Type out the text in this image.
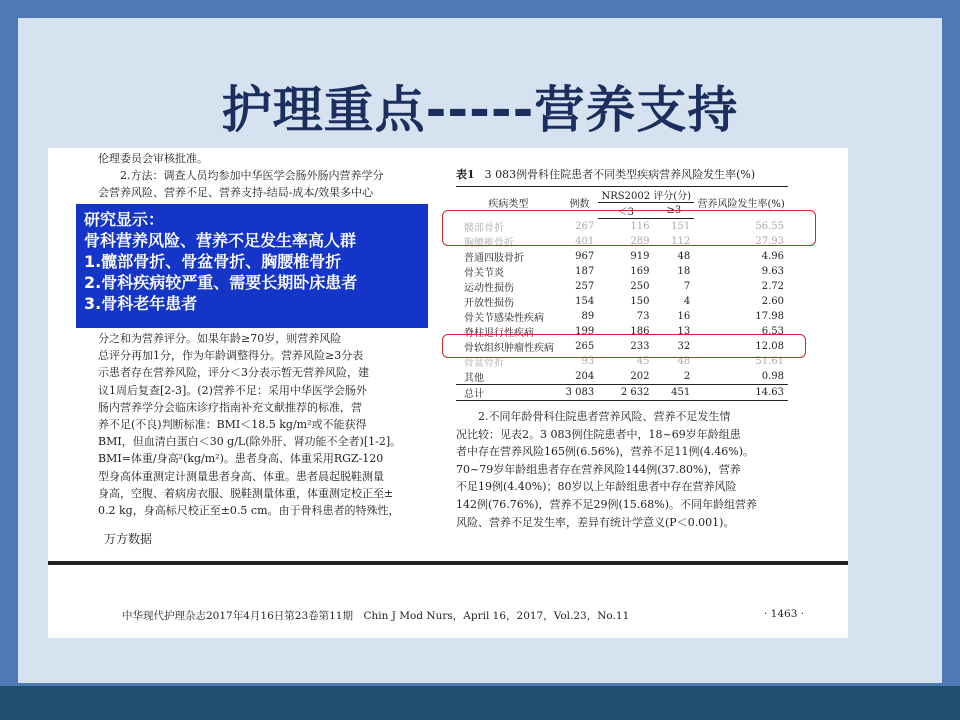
护理重点-----营养支持

伦理委员会审核批准。

2.方法：调查人员均参加中华医学会肠外肠内营养学分

会营养风险、营养不足、营养支持-结局-成本/效果多中心

分之和为营养评分。如果年龄≥70岁，则营养风险

总评分再加1分，作为年龄调整得分。营养风险≥3分表

示患者存在营养风险，评分＜3分表示暂无营养风险，建

议1周后复查[2-3]。(2)营养不足：采用中华医学会肠外

肠内营养学分会临床诊疗指南补充文献推荐的标准，营

养不足(不良)判断标准：BMI＜18.5 kg/m²或不能获得

BMI，但血清白蛋白＜30 g/L(除外肝、肾功能不全者)[1-2]。

BMI=体重/身高²(kg/m²)。患者身高、体重采用RGZ-120

型身高体重测定计测量患者身高、体重。患者晨起脱鞋测量

身高，空腹、着病房衣服、脱鞋测量体重，体重测定校正至±

0.2 kg，身高标尺校正至±0.5 cm。由于骨科患者的特殊性，

万方数据
表1 3 083例骨科住院患者不同类型疾病营养风险发生率(%)
疾病类型	例数	NRS2002 评分(分)		营养风险发生率(%)
		＜3	≥3	
髋部骨折	267	116	151	56.55
胸腰椎骨折	401	289	112	27.93
普通四肢骨折	967	919	48	4.96
骨关节炎	187	169	18	9.63
运动性损伤	257	250	7	2.72
开放性损伤	154	150	4	2.60
骨关节感染性疾病	89	73	16	17.98
脊柱退行性疾病	199	186	13	6.53
骨软组织肿瘤性疾病	265	233	32	12.08
骨盆骨折	93	45	48	51.61
其他	204	202	2	0.98
总计	3 083	2 632	451	14.63

2.不同年龄骨科住院患者营养风险、营养不足发生情

况比较：见表2。3 083例住院患者中，18~69岁年龄组患

者中存在营养风险165例(6.56%)，营养不足11例(4.46%)。

70~79岁年龄组患者存在营养风险144例(37.80%)，营养

不足19例(4.40%)；80岁以上年龄组患者中存在营养风险

142例(76.76%)，营养不足29例(15.68%)。不同年龄组营养

风险、营养不足发生率，差异有统计学意义(P＜0.001)。

中华现代护理杂志2017年4月16日第23卷第11期　Chin J Mod Nurs，April 16，2017，Vol.23，No.11	· 1463 ·
研究显示：
骨科营养风险、营养不足发生率高人群
1.髋部骨折、骨盆骨折、胸腰椎骨折
2.骨科疾病较严重、需要长期卧床患者
3.骨科老年患者
